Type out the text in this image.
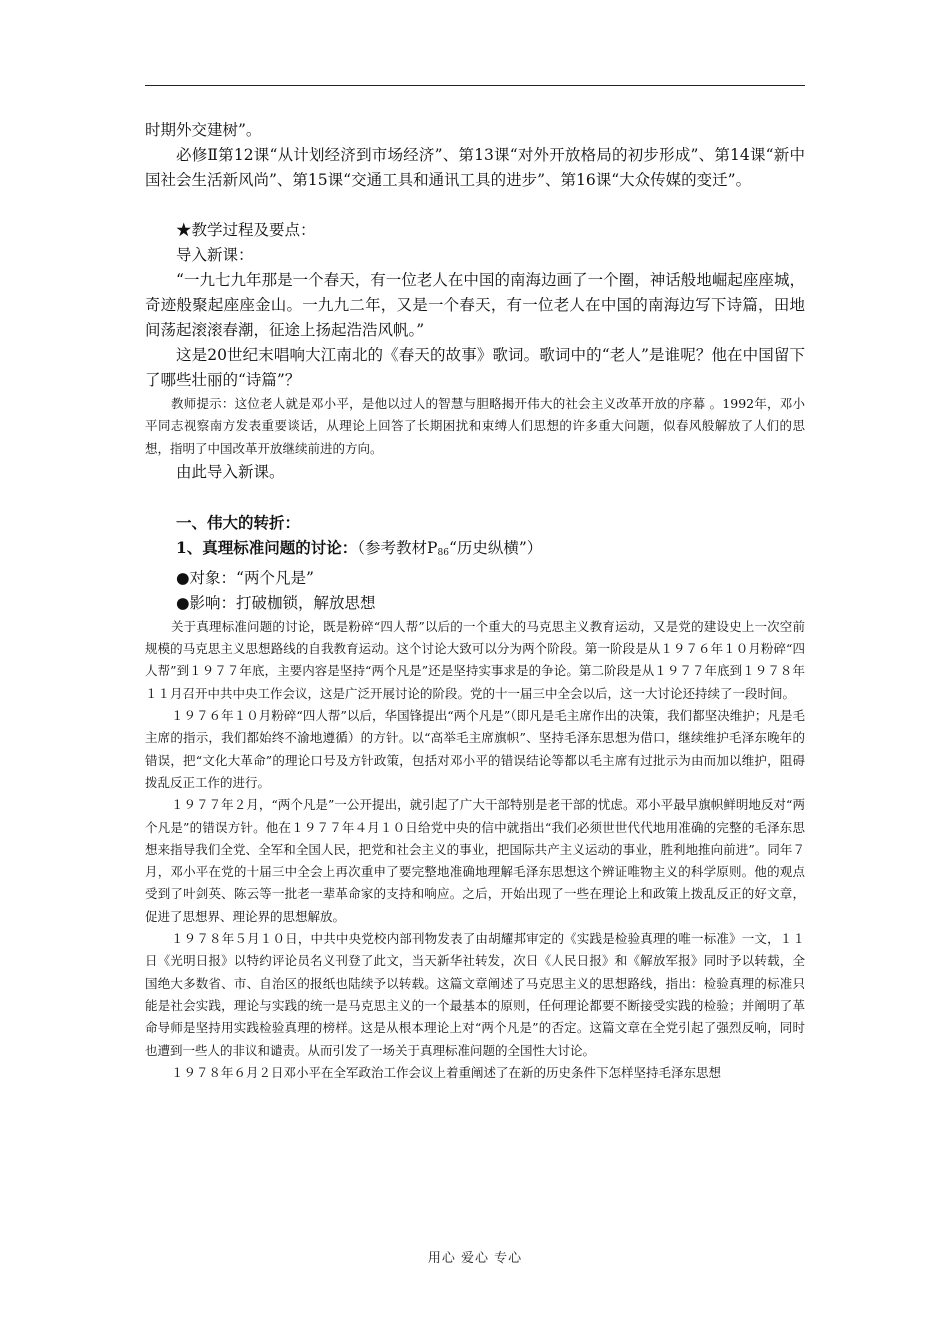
时期外交建树”。

必修Ⅱ第12课“从计划经济到市场经济”、第13课“对外开放格局的初步形成”、第14课“新中国社会生活新风尚”、第15课“交通工具和通讯工具的进步”、第16课“大众传媒的变迁”。

★教学过程及要点：

导入新课：

“一九七九年那是一个春天，有一位老人在中国的南海边画了一个圈，神话般地崛起座座城，奇迹般聚起座座金山。一九九二年，又是一个春天，有一位老人在中国的南海边写下诗篇，田地间荡起滚滚春潮，征途上扬起浩浩风帆。”

这是20世纪末唱响大江南北的《春天的故事》歌词。歌词中的“老人”是谁呢？他在中国留下了哪些壮丽的“诗篇”？

教师提示：这位老人就是邓小平，是他以过人的智慧与胆略揭开伟大的社会主义改革开放的序幕 。1992年，邓小平同志视察南方发表重要谈话，从理论上回答了长期困扰和束缚人们思想的许多重大问题，似春风般解放了人们的思想，指明了中国改革开放继续前进的方向。

由此导入新课。

一、伟大的转折：

1、真理标准问题的讨论：（参考教材$P_{86}“$历史纵横”）

●对象：“两个凡是”

●影响：打破枷锁，解放思想

关于真理标准问题的讨论，既是粉碎“四人帮”以后的一个重大的马克思主义教育运动，又是党的建设史上一次空前规模的马克思主义思想路线的自我教育运动。这个讨论大致可以分为两个阶段。第一阶段是从１９７６年１０月粉碎“四人帮”到１９７７年底，主要内容是坚持“两个凡是”还是坚持实事求是的争论。第二阶段是从１９７７年底到１９７８年１１月召开中共中央工作会议，这是广泛开展讨论的阶段。党的十一届三中全会以后，这一大讨论还持续了一段时间。

１９７６年１０月粉碎“四人帮”以后，华国锋提出“两个凡是”（即凡是毛主席作出的决策，我们都坚决维护；凡是毛主席的指示，我们都始终不渝地遵循）的方针。以“高举毛主席旗帜”、坚持毛泽东思想为借口，继续维护毛泽东晚年的错误，把“文化大革命”的理论口号及方针政策，包括对邓小平的错误结论等都以毛主席有过批示为由而加以维护，阻碍拨乱反正工作的进行。

１９７７年２月，“两个凡是”一公开提出，就引起了广大干部特别是老干部的忧虑。邓小平最早旗帜鲜明地反对“两个凡是”的错误方针。他在１９７７年４月１０日给党中央的信中就指出“我们必须世世代代地用准确的完整的毛泽东思想来指导我们全党、全军和全国人民，把党和社会主义的事业，把国际共产主义运动的事业，胜利地推向前进”。同年７月，邓小平在党的十届三中全会上再次重申了要完整地准确地理解毛泽东思想这个辨证唯物主义的科学原则。他的观点受到了叶剑英、陈云等一批老一辈革命家的支持和响应。之后，开始出现了一些在理论上和政策上拨乱反正的好文章，促进了思想界、理论界的思想解放。

１９７８年５月１０日，中共中央党校内部刊物发表了由胡耀邦审定的《实践是检验真理的唯一标准》一文，１１日《光明日报》以特约评论员名义刊登了此文，当天新华社转发，次日《人民日报》和《解放军报》同时予以转载，全国绝大多数省、市、自治区的报纸也陆续予以转载。这篇文章阐述了马克思主义的思想路线，指出：检验真理的标准只能是社会实践，理论与实践的统一是马克思主义的一个最基本的原则，任何理论都要不断接受实践的检验；并阐明了革命导师是坚持用实践检验真理的榜样。这是从根本理论上对“两个凡是”的否定。这篇文章在全党引起了强烈反响，同时也遭到一些人的非议和谴责。从而引发了一场关于真理标准问题的全国性大讨论。

１９７８年６月２日邓小平在全军政治工作会议上着重阐述了在新的历史条件下怎样坚持毛泽东思想

用心 爱心 专心
